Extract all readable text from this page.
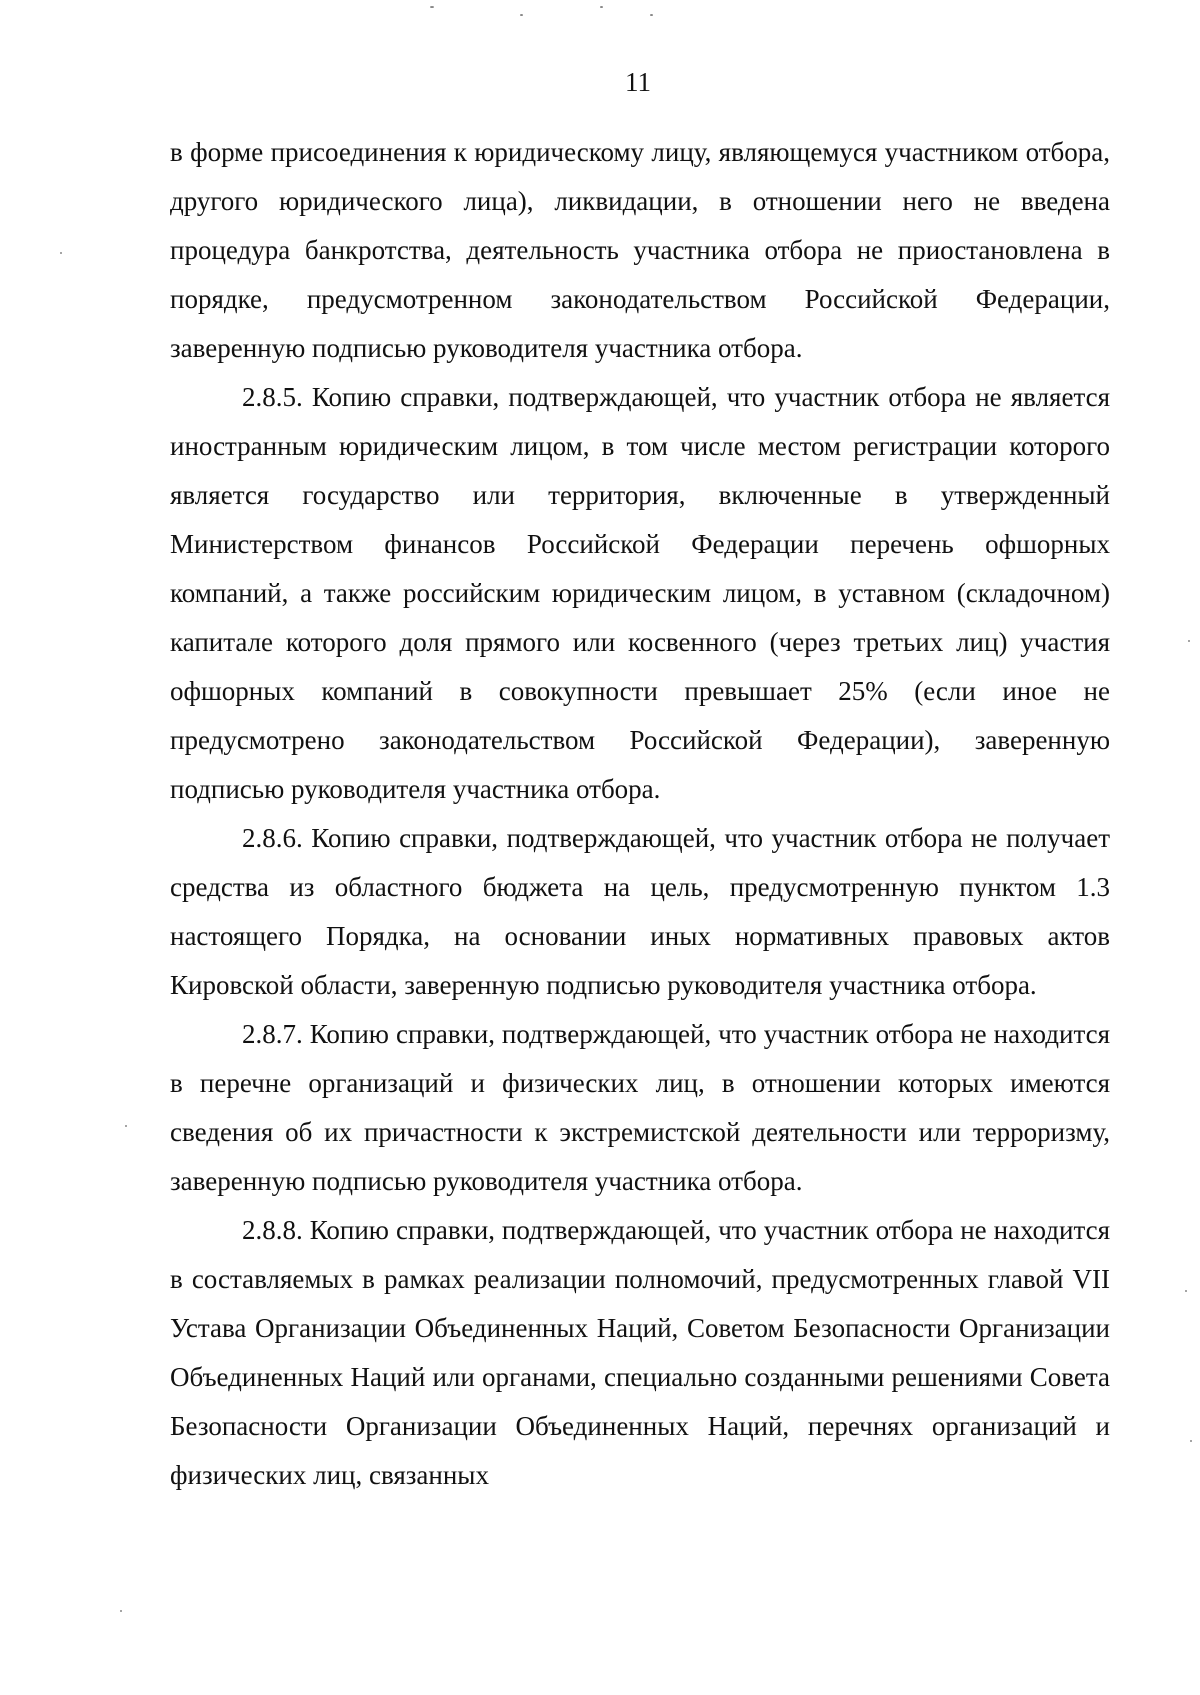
11

в форме присоединения к юридическому лицу, являющемуся участником отбора, другого юридического лица), ликвидации, в отношении него не введена процедура банкротства, деятельность участника отбора не приостановлена в порядке, предусмотренном законодательством Российской Федерации, заверенную подписью руководителя участника отбора.

2.8.5. Копию справки, подтверждающей, что участник отбора не является иностранным юридическим лицом, в том числе местом регистрации которого является государство или территория, включенные в утвержденный Министерством финансов Российской Федерации перечень офшорных компаний, а также российским юридическим лицом, в уставном (складочном) капитале которого доля прямого или косвенного (через третьих лиц) участия офшорных компаний в совокупности превышает 25% (если иное не предусмотрено законодательством Российской Федерации), заверенную подписью руководителя участника отбора.

2.8.6. Копию справки, подтверждающей, что участник отбора не получает средства из областного бюджета на цель, предусмотренную пунктом 1.3 настоящего Порядка, на основании иных нормативных правовых актов Кировской области, заверенную подписью руководителя участника отбора.

2.8.7. Копию справки, подтверждающей, что участник отбора не находится в перечне организаций и физических лиц, в отношении которых имеются сведения об их причастности к экстремистской деятельности или терроризму, заверенную подписью руководителя участника отбора.

2.8.8. Копию справки, подтверждающей, что участник отбора не находится в составляемых в рамках реализации полномочий, предусмотренных главой VII Устава Организации Объединенных Наций, Советом Безопасности Организации Объединенных Наций или органами, специально созданными решениями Совета Безопасности Организации Объединенных Наций, перечнях организаций и физических лиц, связанных
